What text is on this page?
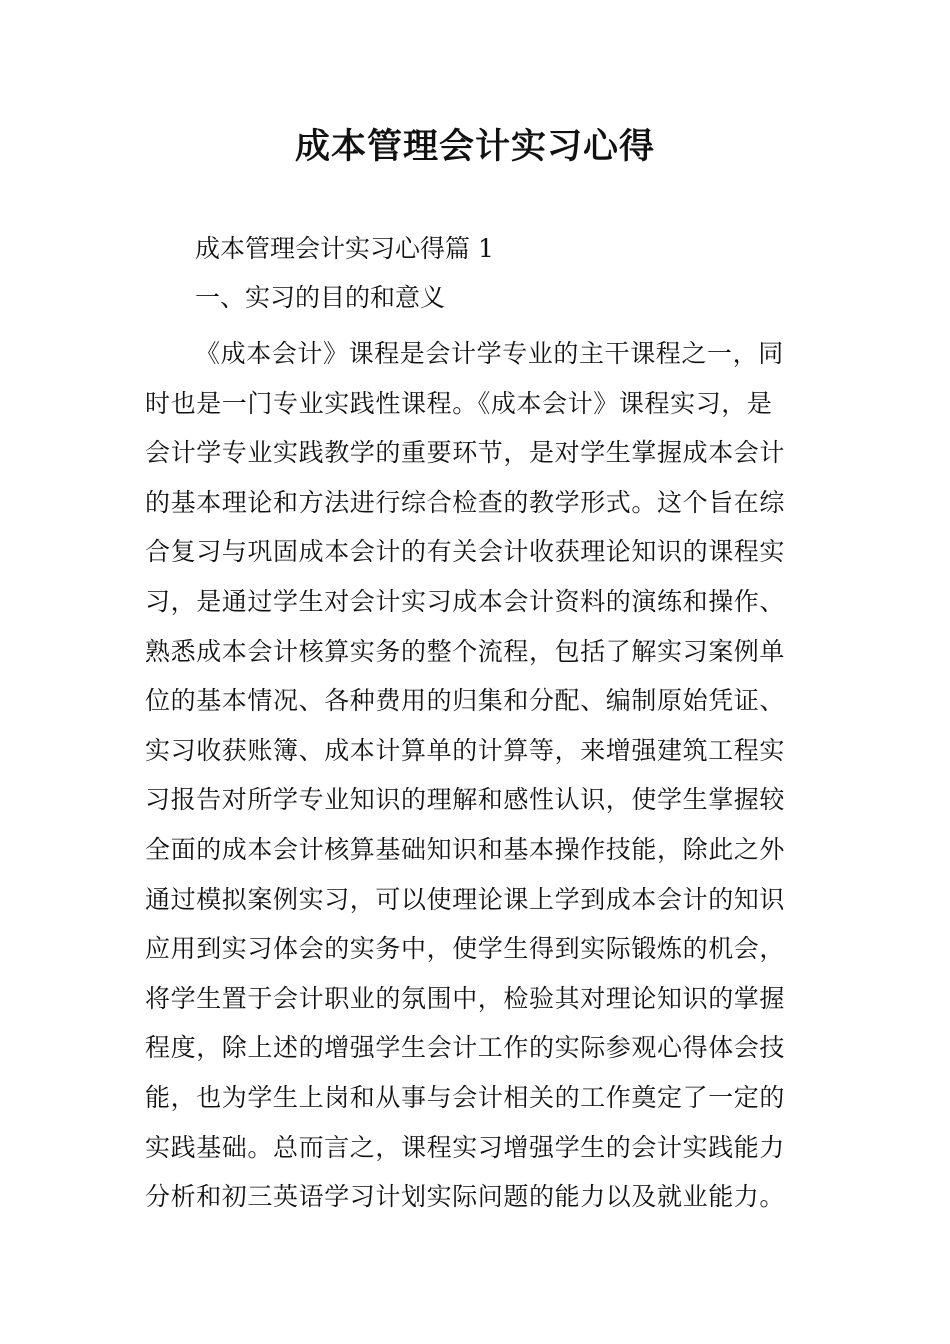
成本管理会计实习心得
成本管理会计实习心得篇 1
一、实习的目的和意义
《成本会计》课程是会计学专业的主干课程之一，同
时也是一门专业实践性课程。《成本会计》课程实习，是
会计学专业实践教学的重要环节，是对学生掌握成本会计
的基本理论和方法进行综合检查的教学形式。这个旨在综
合复习与巩固成本会计的有关会计收获理论知识的课程实
习，是通过学生对会计实习成本会计资料的演练和操作、
熟悉成本会计核算实务的整个流程，包括了解实习案例单
位的基本情况、各种费用的归集和分配、编制原始凭证、
实习收获账簿、成本计算单的计算等，来增强建筑工程实
习报告对所学专业知识的理解和感性认识，使学生掌握较
全面的成本会计核算基础知识和基本操作技能，除此之外
通过模拟案例实习，可以使理论课上学到成本会计的知识
应用到实习体会的实务中，使学生得到实际锻炼的机会，
将学生置于会计职业的氛围中，检验其对理论知识的掌握
程度，除上述的增强学生会计工作的实际参观心得体会技
能，也为学生上岗和从事与会计相关的工作奠定了一定的
实践基础。总而言之，课程实习增强学生的会计实践能力
分析和初三英语学习计划实际问题的能力以及就业能力。
